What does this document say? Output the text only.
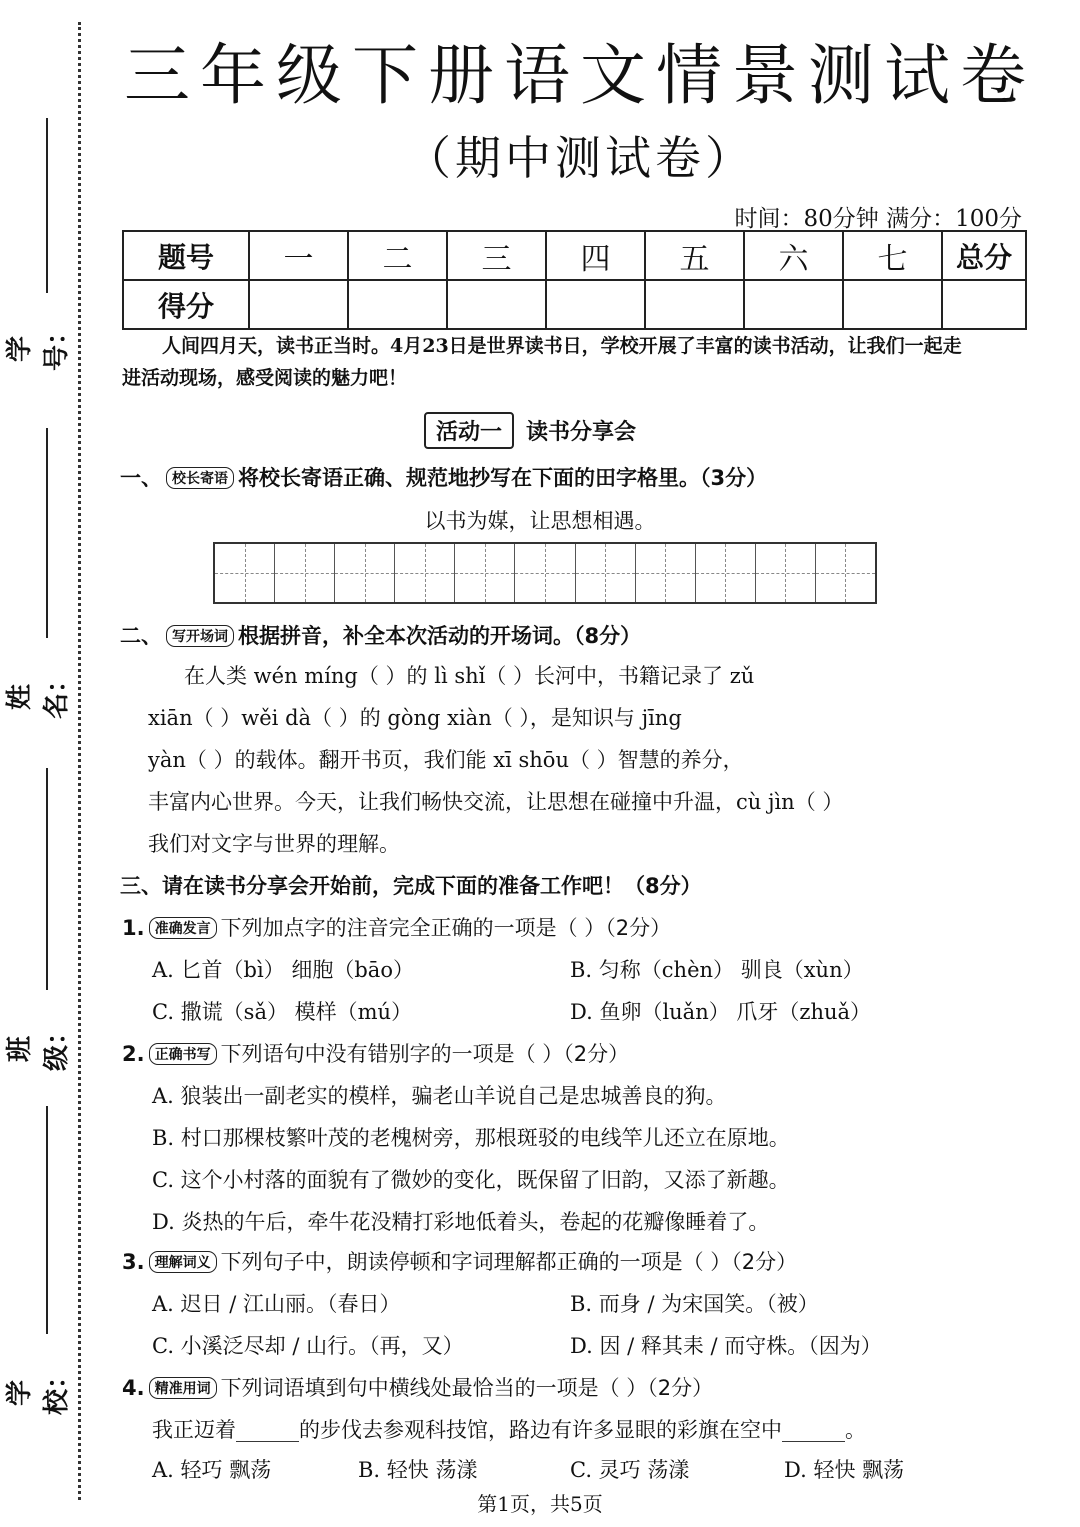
学号：
姓名：
班级：
学校：
三年级下册语文情景测试卷
（期中测试卷）
时间：80分钟 满分：100分
题号	一	二	三	四	五	六	七	总分
得分								
人间四月天，读书正当时。4月23日是世界读书日，学校开展了丰富的读书活动，让我们一起走进活动现场，感受阅读的魅力吧！
活动一 读书分享会
一、 校长寄语 将校长寄语正确、规范地抄写在下面的田字格里。（3分）
以书为媒，让思想相遇。
二、 写开场词 根据拼音，补全本次活动的开场词。（8分）
在人类 wén míng（ ）的 lì shǐ（ ）长河中，书籍记录了 zǔ
xiān（ ）wěi dà（ ）的 gòng xiàn（ ），是知识与 jīng
yàn（ ）的载体。翻开书页，我们能 xī shōu（ ）智慧的养分，
丰富内心世界。今天，让我们畅快交流，让思想在碰撞中升温，cù jìn（ ）
我们对文字与世界的理解。
三、请在读书分享会开始前，完成下面的准备工作吧！（8分）
1. 准确发言 下列加点字的注音完全正确的一项是（ ）（2分）
A. 匕首（bì） 细胞（bāo）	B. 匀称（chèn） 驯良（xùn）
C. 撒谎（sǎ） 模样（mú）	D. 鱼卵（luǎn） 爪牙（zhuǎ）
2. 正确书写 下列语句中没有错别字的一项是（ ）（2分）
A. 狼装出一副老实的模样，骗老山羊说自己是忠城善良的狗。
B. 村口那棵枝繁叶茂的老槐树旁，那根斑驳的电线竿儿还立在原地。
C. 这个小村落的面貌有了微妙的变化，既保留了旧韵，又添了新趣。
D. 炎热的午后，牵牛花没精打彩地低着头，卷起的花瓣像睡着了。
3. 理解词义 下列句子中，朗读停顿和字词理解都正确的一项是（ ）（2分）
A. 迟日 / 江山丽。（春日）	B. 而身 / 为宋国笑。（被）
C. 小溪泛尽却 / 山行。（再，又）	D. 因 / 释其耒 / 而守株。（因为）
4. 精准用词 下列词语填到句中横线处最恰当的一项是（ ）（2分）
我正迈着______的步伐去参观科技馆，路边有许多显眼的彩旗在空中______。
A. 轻巧 飘荡	B. 轻快 荡漾	C. 灵巧 荡漾	D. 轻快 飘荡
第1页，共5页
